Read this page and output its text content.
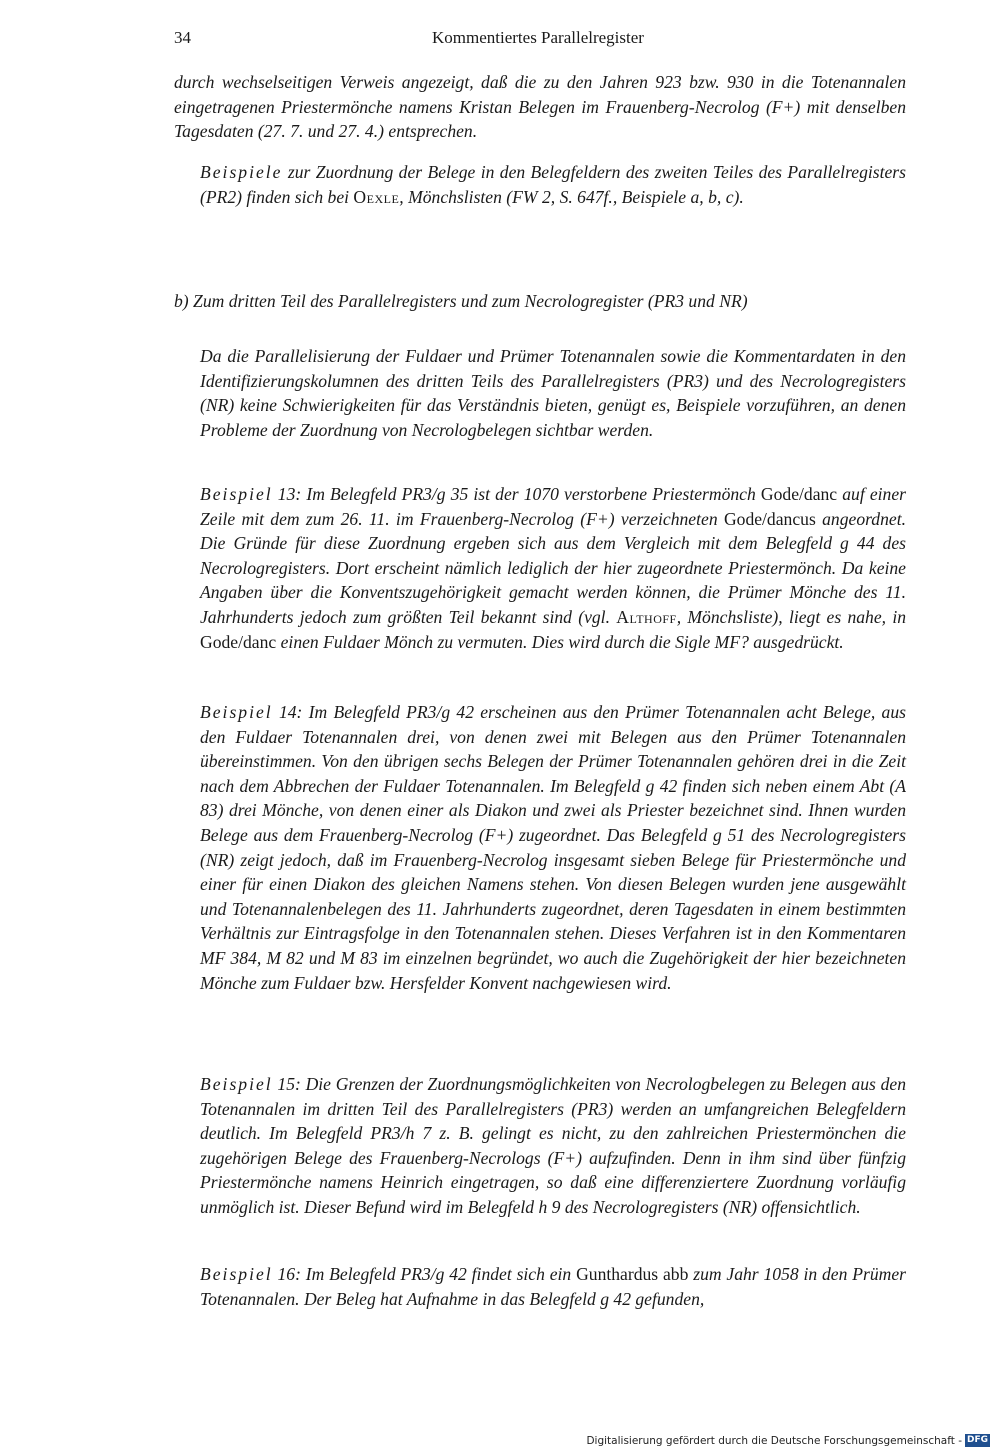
34	Kommentiertes Parallelregister

durch wechselseitigen Verweis angezeigt, daß die zu den Jahren 923 bzw. 930 in die Totenannalen eingetragenen Priestermönche namens Kristan Belegen im Frauenberg-Necrolog (F+) mit denselben Tagesdaten (27. 7. und 27. 4.) entsprechen.

Beispiele zur Zuordnung der Belege in den Belegfeldern des zweiten Teiles des Parallelregisters (PR2) finden sich bei Oexle, Mönchslisten (FW 2, S. 647f., Beispiele a, b, c).

b) Zum dritten Teil des Parallelregisters und zum Necrologregister (PR3 und NR)

Da die Parallelisierung der Fuldaer und Prümer Totenannalen sowie die Kommentardaten in den Identifizierungskolumnen des dritten Teils des Parallelregisters (PR3) und des Necrologregisters (NR) keine Schwierigkeiten für das Verständnis bieten, genügt es, Beispiele vorzuführen, an denen Probleme der Zuordnung von Necrologbelegen sichtbar werden.

Beispiel 13: Im Belegfeld PR3/g 35 ist der 1070 verstorbene Priestermönch Gode/danc auf einer Zeile mit dem zum 26. 11. im Frauenberg-Necrolog (F+) verzeichneten Gode/dancus angeordnet. Die Gründe für diese Zuordnung ergeben sich aus dem Vergleich mit dem Belegfeld g 44 des Necrologregisters. Dort erscheint nämlich lediglich der hier zugeordnete Priestermönch. Da keine Angaben über die Konventszugehörigkeit gemacht werden können, die Prümer Mönche des 11. Jahrhunderts jedoch zum größten Teil bekannt sind (vgl. Althoff, Mönchsliste), liegt es nahe, in Gode/danc einen Fuldaer Mönch zu vermuten. Dies wird durch die Sigle MF? ausgedrückt.

Beispiel 14: Im Belegfeld PR3/g 42 erscheinen aus den Prümer Totenannalen acht Belege, aus den Fuldaer Totenannalen drei, von denen zwei mit Belegen aus den Prümer Totenannalen übereinstimmen. Von den übrigen sechs Belegen der Prümer Totenannalen gehören drei in die Zeit nach dem Abbrechen der Fuldaer Totenannalen. Im Belegfeld g 42 finden sich neben einem Abt (A 83) drei Mönche, von denen einer als Diakon und zwei als Priester bezeichnet sind. Ihnen wurden Belege aus dem Frauenberg-Necrolog (F+) zugeordnet. Das Belegfeld g 51 des Necrologregisters (NR) zeigt jedoch, daß im Frauenberg-Necrolog insgesamt sieben Belege für Priestermönche und einer für einen Diakon des gleichen Namens stehen. Von diesen Belegen wurden jene ausgewählt und Totenannalenbelegen des 11. Jahrhunderts zugeordnet, deren Tagesdaten in einem bestimmten Verhältnis zur Eintragsfolge in den Totenannalen stehen. Dieses Verfahren ist in den Kommentaren MF 384, M 82 und M 83 im einzelnen begründet, wo auch die Zugehörigkeit der hier bezeichneten Mönche zum Fuldaer bzw. Hersfelder Konvent nachgewiesen wird.

Beispiel 15: Die Grenzen der Zuordnungsmöglichkeiten von Necrologbelegen zu Belegen aus den Totenannalen im dritten Teil des Parallelregisters (PR3) werden an umfangreichen Belegfeldern deutlich. Im Belegfeld PR3/h 7 z. B. gelingt es nicht, zu den zahlreichen Priestermönchen die zugehörigen Belege des Frauenberg-Necrologs (F+) aufzufinden. Denn in ihm sind über fünfzig Priestermönche namens Heinrich eingetragen, so daß eine differenziertere Zuordnung vorläufig unmöglich ist. Dieser Befund wird im Belegfeld h 9 des Necrologregisters (NR) offensichtlich.

Beispiel 16: Im Belegfeld PR3/g 42 findet sich ein Gunthardus abb zum Jahr 1058 in den Prümer Totenannalen. Der Beleg hat Aufnahme in das Belegfeld g 42 gefunden,

Digitalisierung gefördert durch die Deutsche Forschungsgemeinschaft - DFG
